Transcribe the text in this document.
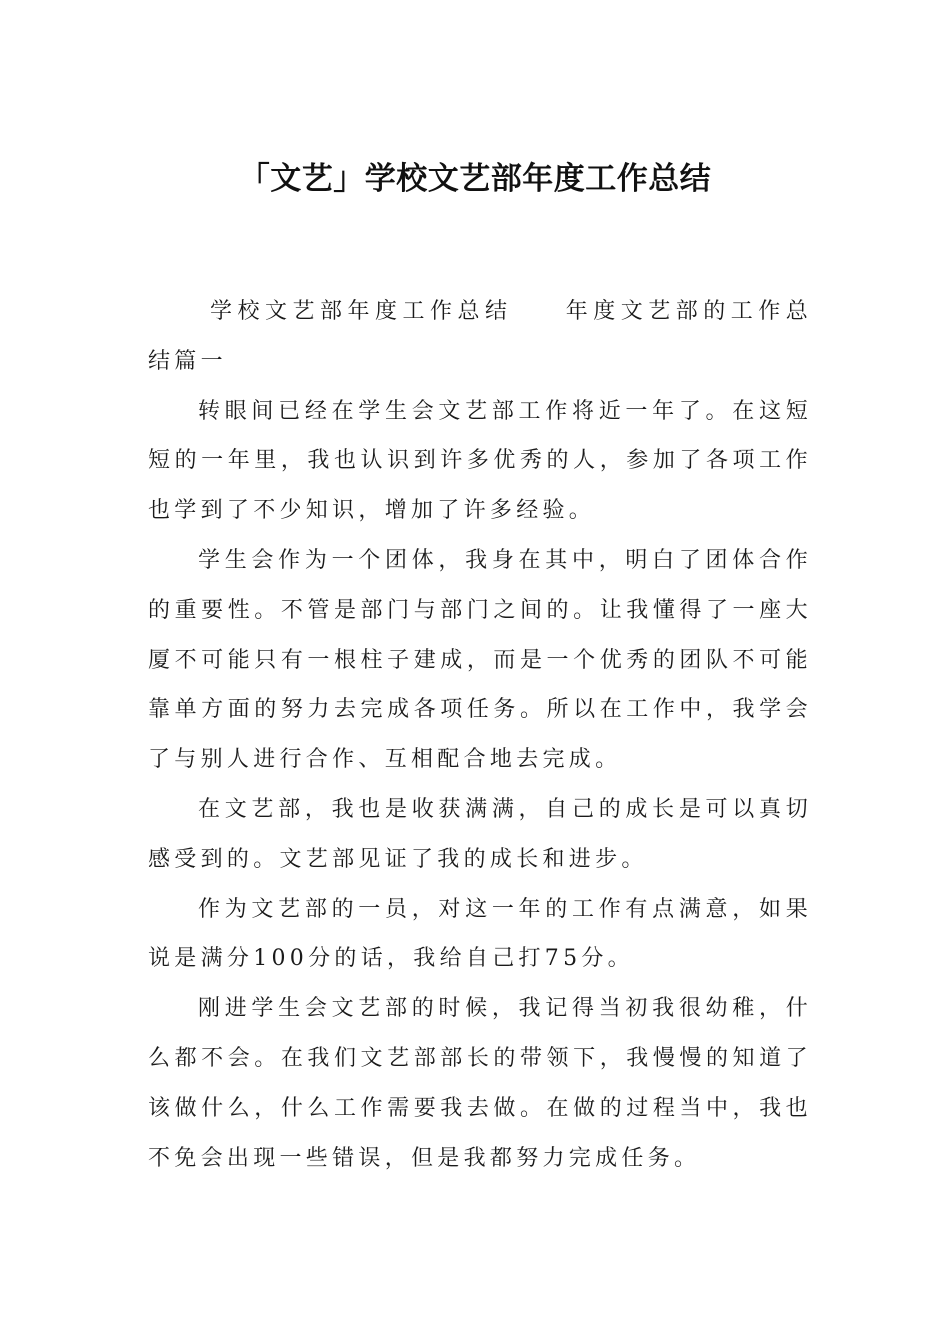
「文艺」学校文艺部年度工作总结

学校文艺部年度工作总结 年度文艺部的工作总结篇一

转眼间已经在学生会文艺部工作将近一年了。在这短短的一年里，我也认识到许多优秀的人，参加了各项工作也学到了不少知识，增加了许多经验。

学生会作为一个团体，我身在其中，明白了团体合作的重要性。不管是部门与部门之间的。让我懂得了一座大厦不可能只有一根柱子建成，而是一个优秀的团队不可能靠单方面的努力去完成各项任务。所以在工作中，我学会了与别人进行合作、互相配合地去完成。

在文艺部，我也是收获满满，自己的成长是可以真切感受到的。文艺部见证了我的成长和进步。

作为文艺部的一员，对这一年的工作有点满意，如果说是满分100分的话，我给自己打75分。

刚进学生会文艺部的时候，我记得当初我很幼稚，什么都不会。在我们文艺部部长的带领下，我慢慢的知道了该做什么，什么工作需要我去做。在做的过程当中，我也不免会出现一些错误，但是我都努力完成任务。
